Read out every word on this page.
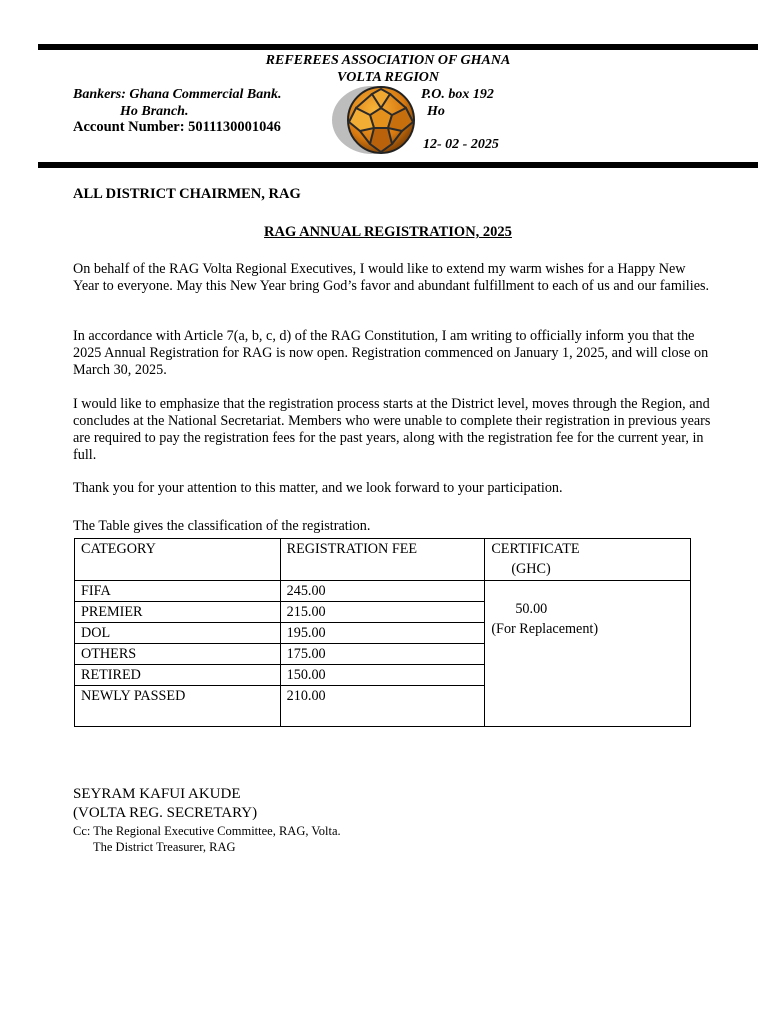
REFEREES ASSOCIATION OF GHANA
VOLTA REGION
Bankers: Ghana Commercial Bank.
Ho Branch.
Account Number: 5011130001046
P.O. box 192
Ho
12- 02 - 2025
ALL DISTRICT CHAIRMEN, RAG
RAG ANNUAL REGISTRATION, 2025
On behalf of the RAG Volta Regional Executives, I would like to extend my warm wishes for a Happy New Year to everyone. May this New Year bring God’s favor and abundant fulfillment to each of us and our families.
In accordance with Article 7(a, b, c, d) of the RAG Constitution, I am writing to officially inform you that the 2025 Annual Registration for RAG is now open. Registration commenced on January 1, 2025, and will close on March 30, 2025.
I would like to emphasize that the registration process starts at the District level, moves through the Region, and concludes at the National Secretariat. Members who were unable to complete their registration in previous years are required to pay the registration fees for the past years, along with the registration fee for the current year, in full.
Thank you for your attention to this matter, and we look forward to your participation.
The Table gives the classification of the registration.
CATEGORY	REGISTRATION FEE	CERTIFICATE
(GHC)

FIFA	245.00	50.00
(For Replacement)

PREMIER	215.00	
DOL	195.00	
OTHERS	175.00	
RETIRED	150.00	
NEWLY PASSED	210.00	
SEYRAM KAFUI AKUDE
(VOLTA REG. SECRETARY)
Cc: The Regional Executive Committee, RAG, Volta.
The District Treasurer, RAG
